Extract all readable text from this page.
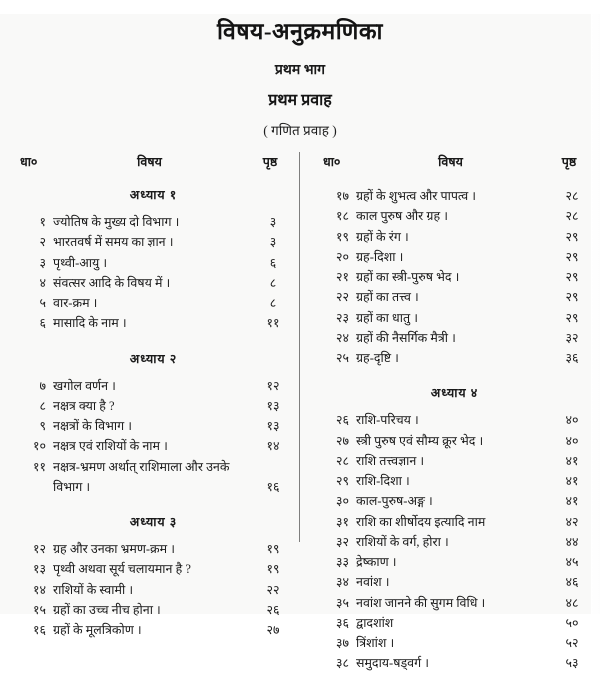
विषय-अनुक्रमणिका
प्रथम भाग
प्रथम प्रवाह
( गणित प्रवाह )
धा०	विषय	पृष्ठ
अध्याय १
१ ज्योतिष के मुख्य दो विभाग ।	३
२ भारतवर्ष में समय का ज्ञान ।	३
३ पृथ्वी-आयु ।	६
४ संवत्सर आदि के विषय में ।	८
५ वार-क्रम ।	८
६ मासादि के नाम ।	११
अध्याय २
७ खगोल वर्णन ।	१२
८ नक्षत्र क्या है ?	१३
९ नक्षत्रों के विभाग ।	१३
१० नक्षत्र एवं राशियों के नाम ।	१४
११ नक्षत्र-भ्रमण अर्थात् राशिमाला और उनके विभाग ।	१६
अध्याय ३
१२ ग्रह और उनका भ्रमण-क्रम ।	१९
१३ पृथ्वी अथवा सूर्य चलायमान है ?	१९
१४ राशियों के स्वामी ।	२२
१५ ग्रहों का उच्च नीच होना ।	२६
१६ ग्रहों के मूलत्रिकोण ।	२७
धा०	विषय	पृष्ठ
१७ ग्रहों के शुभत्व और पापत्व ।	२८
१८ काल पुरुष और ग्रह ।	२८
१९ ग्रहों के रंग ।	२९
२० ग्रह-दिशा ।	२९
२१ ग्रहों का स्त्री-पुरुष भेद ।	२९
२२ ग्रहों का तत्त्व ।	२९
२३ ग्रहों का धातु ।	२९
२४ ग्रहों की नैसर्गिक मैत्री ।	३२
२५ ग्रह-दृष्टि ।	३६
अध्याय ४
२६ राशि-परिचय ।	४०
२७ स्त्री पुरुष एवं सौम्य क्रूर भेद ।	४०
२८ राशि तत्त्वज्ञान ।	४१
२९ राशि-दिशा ।	४१
३० काल-पुरुष-अङ्ग ।	४१
३१ राशि का शीर्षोदय इत्यादि नाम	४२
३२ राशियों के वर्ग, होरा ।	४४
३३ द्रेष्काण ।	४५
३४ नवांश ।	४६
३५ नवांश जानने की सुगम विधि ।	४८
३६ द्वादशांश	५०
३७ त्रिंशांश ।	५२
३८ समुदाय-षड्वर्ग ।	५३
